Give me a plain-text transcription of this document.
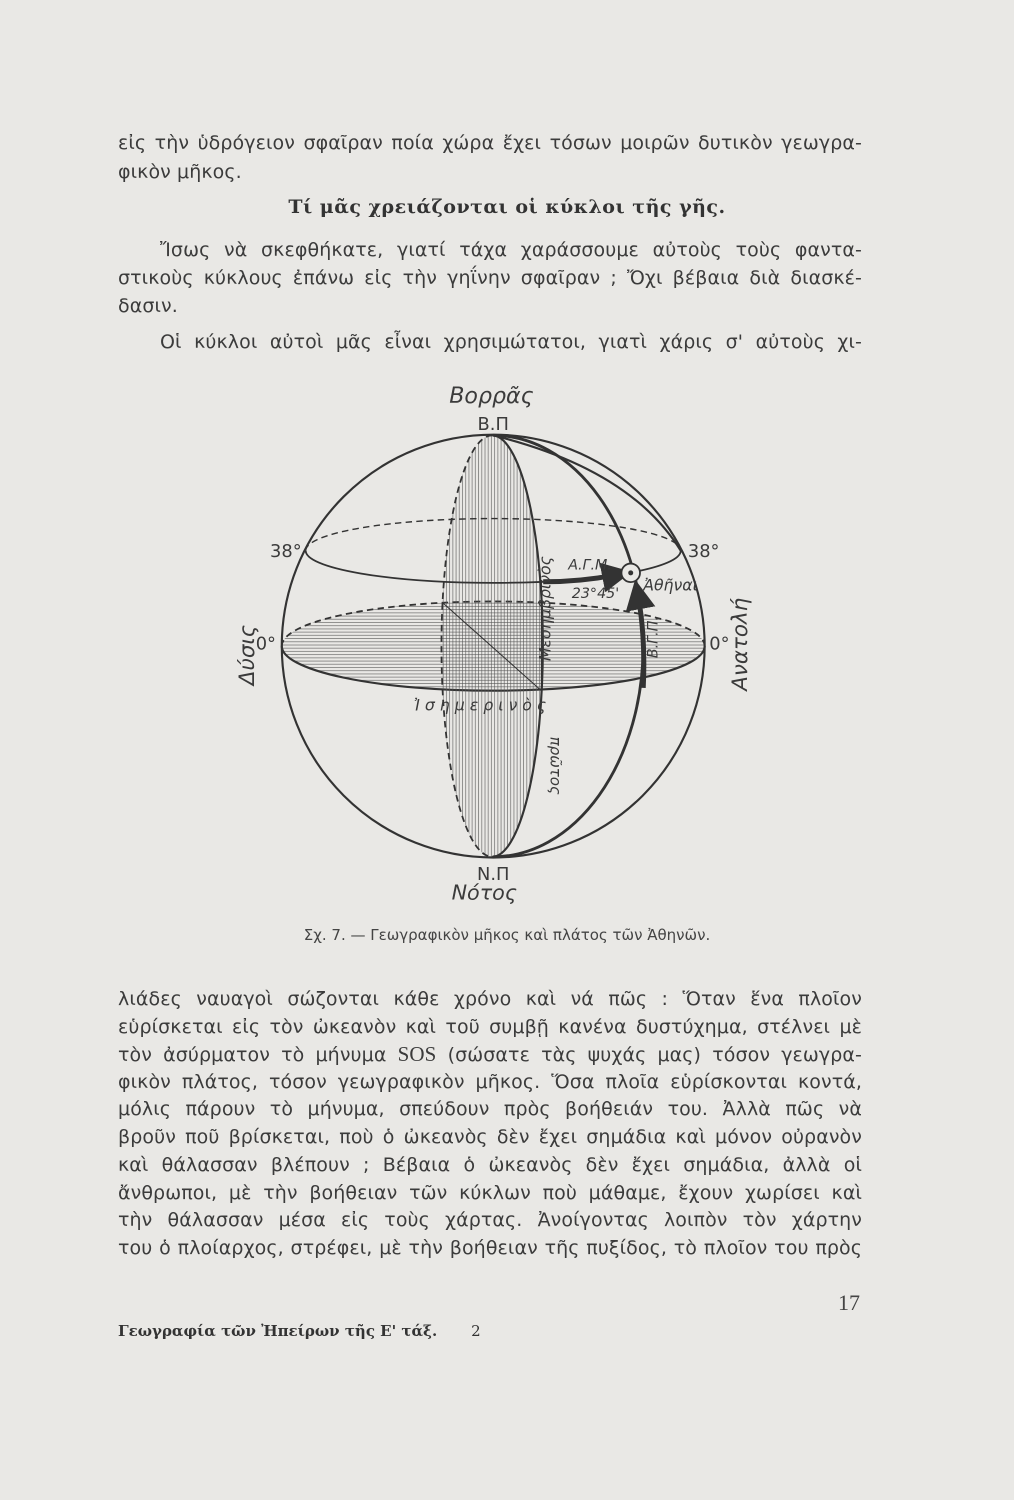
εἰς τὴν ὑδρόγειον σφαῖραν ποία χώρα ἔχει τόσων μοιρῶν δυτικὸν γεωγρα-
φικὸν μῆκος.
Τί μᾶς χρειάζονται οἱ κύκλοι τῆς γῆς.
Ἴσως νὰ σκεφθήκατε, γιατί τάχα χαράσσουμε αὐτοὺς τοὺς φαντα-
στικοὺς κύκλους ἐπάνω εἰς τὴν γηΐνην σφαῖραν ; Ὄχι βέβαια διὰ διασκέ-
δασιν.
Οἱ κύκλοι αὐτοὶ μᾶς εἶναι χρησιμώτατοι, γιατὶ χάρις σ' αὐτοὺς χι-
Βορρᾶς
Β.Π
38°	38°
0°	0°
Δύσις	Ανατολή
Ἀθῆναι
Α.Γ.Μ.
23°45'
Β.Γ.Π.
Μεσημβρινὸς
πρῶτος
Ἰσημερινὸς
Ν.Π
Νότος
Σχ. 7. — Γεωγραφικὸν μῆκος καὶ πλάτος τῶν Ἀθηνῶν.
λιάδες ναυαγοὶ σώζονται κάθε χρόνο καὶ νά πῶς : Ὅταν ἕνα πλοῖον
εὑρίσκεται εἰς τὸν ὠκεανὸν καὶ τοῦ συμβῇ κανένα δυστύχημα, στέλνει μὲ
τὸν ἀσύρματον τὸ μήνυμα SOS (σώσατε τὰς ψυχάς μας) τόσον γεωγρα-
φικὸν πλάτος, τόσον γεωγραφικὸν μῆκος. Ὅσα πλοῖα εὑρίσκονται κοντά,
μόλις πάρουν τὸ μήνυμα, σπεύδουν πρὸς βοήθειάν του. Ἀλλὰ πῶς νὰ
βροῦν ποῦ βρίσκεται, ποὺ ὁ ὠκεανὸς δὲν ἔχει σημάδια καὶ μόνον οὐρανὸν
καὶ θάλασσαν βλέπουν ; Βέβαια ὁ ὠκεανὸς δὲν ἔχει σημάδια, ἀλλὰ οἱ
ἄνθρωποι, μὲ τὴν βοήθειαν τῶν κύκλων ποὺ μάθαμε, ἔχουν χωρίσει καὶ
τὴν θάλασσαν μέσα εἰς τοὺς χάρτας. Ἀνοίγοντας λοιπὸν τὸν χάρτην
του ὁ πλοίαρχος, στρέφει, μὲ τὴν βοήθειαν τῆς πυξίδος, τὸ πλοῖον του πρὸς
17
Γεωγραφία τῶν Ἠπείρων τῆς Ε' τάξ. 2
